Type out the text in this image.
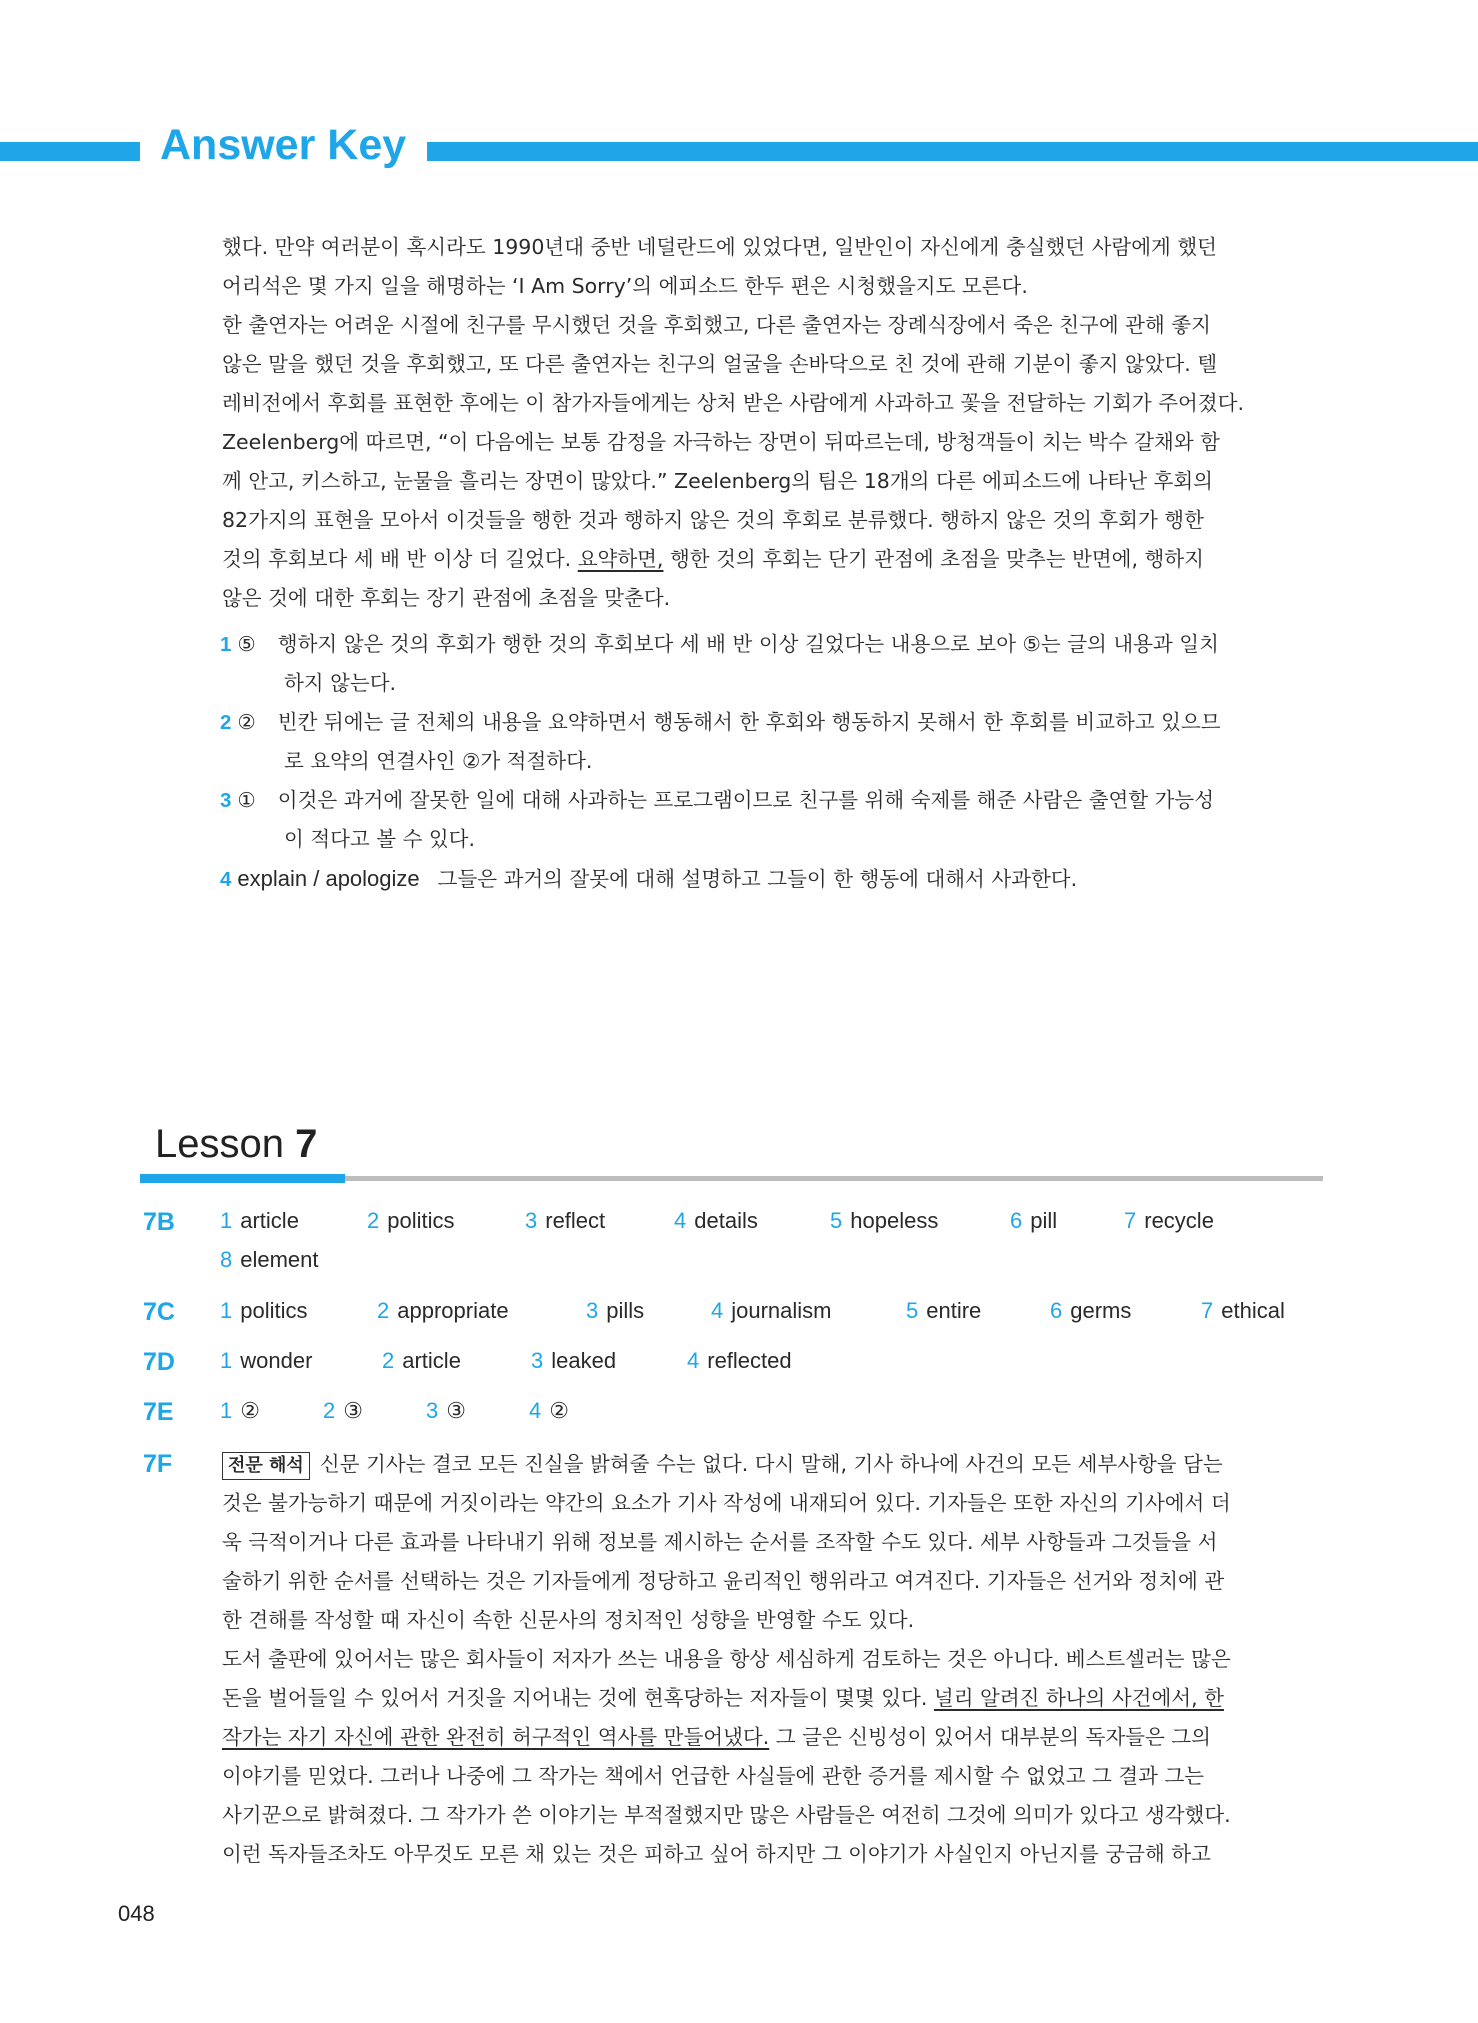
Answer Key
했다. 만약 여러분이 혹시라도 1990년대 중반 네덜란드에 있었다면, 일반인이 자신에게 충실했던 사람에게 했던
어리석은 몇 가지 일을 해명하는 ‘I Am Sorry’의 에피소드 한두 편은 시청했을지도 모른다.
한 출연자는 어려운 시절에 친구를 무시했던 것을 후회했고, 다른 출연자는 장례식장에서 죽은 친구에 관해 좋지
않은 말을 했던 것을 후회했고, 또 다른 출연자는 친구의 얼굴을 손바닥으로 친 것에 관해 기분이 좋지 않았다. 텔
레비전에서 후회를 표현한 후에는 이 참가자들에게는 상처 받은 사람에게 사과하고 꽃을 전달하는 기회가 주어졌다.
Zeelenberg에 따르면, “이 다음에는 보통 감정을 자극하는 장면이 뒤따르는데, 방청객들이 치는 박수 갈채와 함
께 안고, 키스하고, 눈물을 흘리는 장면이 많았다.” Zeelenberg의 팀은 18개의 다른 에피소드에 나타난 후회의
82가지의 표현을 모아서 이것들을 행한 것과 행하지 않은 것의 후회로 분류했다. 행하지 않은 것의 후회가 행한
것의 후회보다 세 배 반 이상 더 길었다. 요약하면, 행한 것의 후회는 단기 관점에 초점을 맞추는 반면에, 행하지
않은 것에 대한 후회는 장기 관점에 초점을 맞춘다.
1 ⑤ 행하지 않은 것의 후회가 행한 것의 후회보다 세 배 반 이상 길었다는 내용으로 보아 ⑤는 글의 내용과 일치
하지 않는다.
2 ② 빈칸 뒤에는 글 전체의 내용을 요약하면서 행동해서 한 후회와 행동하지 못해서 한 후회를 비교하고 있으므
로 요약의 연결사인 ②가 적절하다.
3 ① 이것은 과거에 잘못한 일에 대해 사과하는 프로그램이므로 친구를 위해 숙제를 해준 사람은 출연할 가능성
이 적다고 볼 수 있다.
4 explain / apologize 그들은 과거의 잘못에 대해 설명하고 그들이 한 행동에 대해서 사과한다.
Lesson 7
7B 1 article	2 politics	3 reflect	4 details	5 hopeless	6 pill	7 recycle
8 element
7C 1 politics	2 appropriate	3 pills	4 journalism	5 entire	6 germs	7 ethical
7D 1 wonder	2 article	3 leaked	4 reflected
7E 1 ②	2 ③	3 ③	4 ②
7F	전문 해석 신문 기사는 결코 모든 진실을 밝혀줄 수는 없다. 다시 말해, 기사 하나에 사건의 모든 세부사항을 담는
것은 불가능하기 때문에 거짓이라는 약간의 요소가 기사 작성에 내재되어 있다. 기자들은 또한 자신의 기사에서 더
욱 극적이거나 다른 효과를 나타내기 위해 정보를 제시하는 순서를 조작할 수도 있다. 세부 사항들과 그것들을 서
술하기 위한 순서를 선택하는 것은 기자들에게 정당하고 윤리적인 행위라고 여겨진다. 기자들은 선거와 정치에 관
한 견해를 작성할 때 자신이 속한 신문사의 정치적인 성향을 반영할 수도 있다.
도서 출판에 있어서는 많은 회사들이 저자가 쓰는 내용을 항상 세심하게 검토하는 것은 아니다. 베스트셀러는 많은
돈을 벌어들일 수 있어서 거짓을 지어내는 것에 현혹당하는 저자들이 몇몇 있다. 널리 알려진 하나의 사건에서, 한
작가는 자기 자신에 관한 완전히 허구적인 역사를 만들어냈다. 그 글은 신빙성이 있어서 대부분의 독자들은 그의
이야기를 믿었다. 그러나 나중에 그 작가는 책에서 언급한 사실들에 관한 증거를 제시할 수 없었고 그 결과 그는
사기꾼으로 밝혀졌다. 그 작가가 쓴 이야기는 부적절했지만 많은 사람들은 여전히 그것에 의미가 있다고 생각했다.
이런 독자들조차도 아무것도 모른 채 있는 것은 피하고 싶어 하지만 그 이야기가 사실인지 아닌지를 궁금해 하고
048
